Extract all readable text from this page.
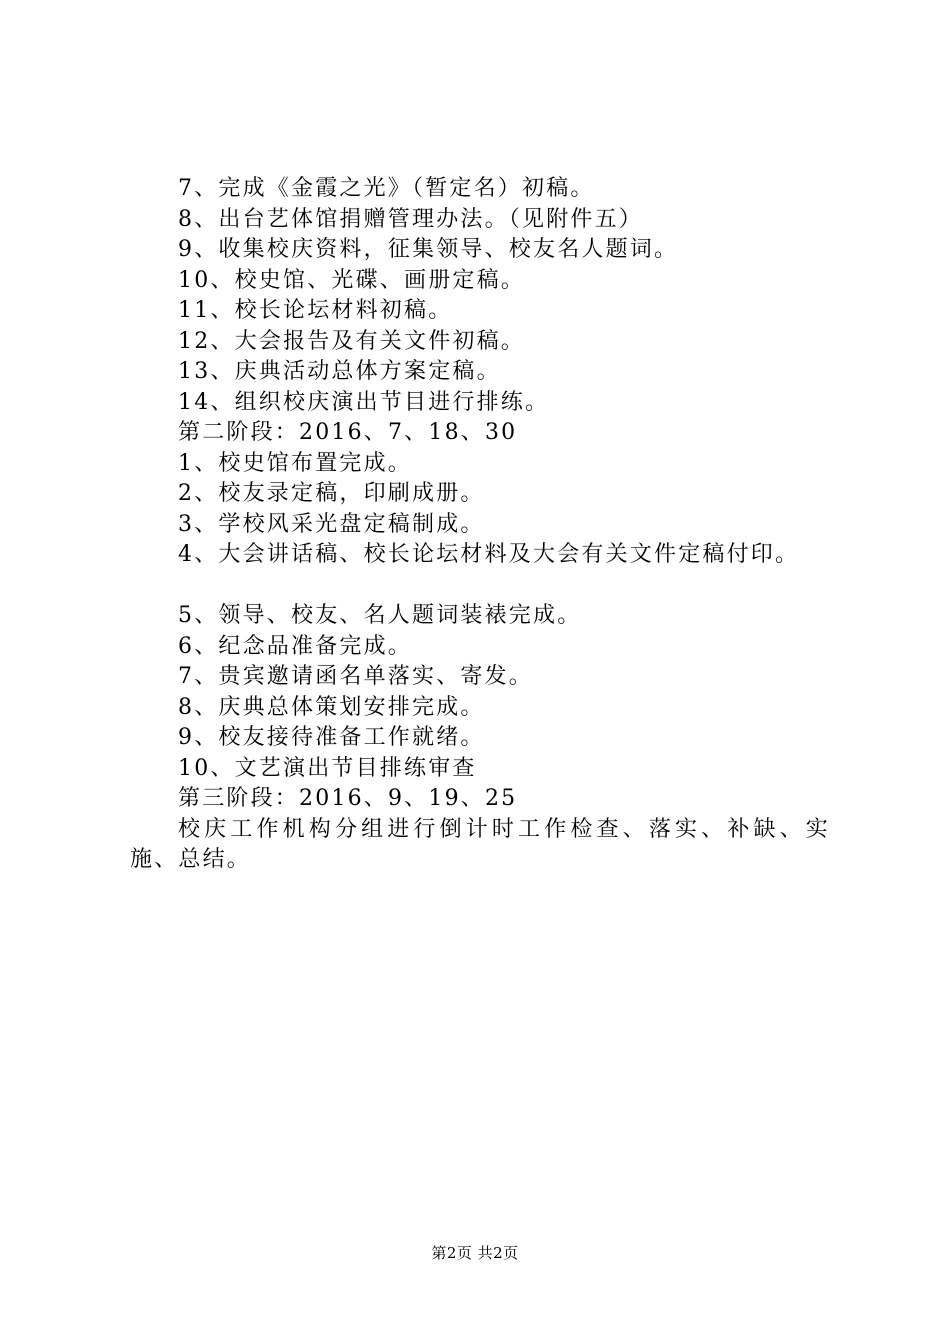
7、完成《金霞之光》（暂定名）初稿。
8、出台艺体馆捐赠管理办法。（见附件五）
9、收集校庆资料，征集领导、校友名人题词。
10、校史馆、光碟、画册定稿。
11、校长论坛材料初稿。
12、大会报告及有关文件初稿。
13、庆典活动总体方案定稿。
14、组织校庆演出节目进行排练。
第二阶段：2016、7、18、30
1、校史馆布置完成。
2、校友录定稿，印刷成册。
3、学校风采光盘定稿制成。
4、大会讲话稿、校长论坛材料及大会有关文件定稿付印。
5、领导、校友、名人题词装裱完成。
6、纪念品准备完成。
7、贵宾邀请函名单落实、寄发。
8、庆典总体策划安排完成。
9、校友接待准备工作就绪。
10、文艺演出节目排练审查
第三阶段：2016、9、19、25
校庆工作机构分组进行倒计时工作检查、落实、补缺、实施、总结。
第2页 共2页
